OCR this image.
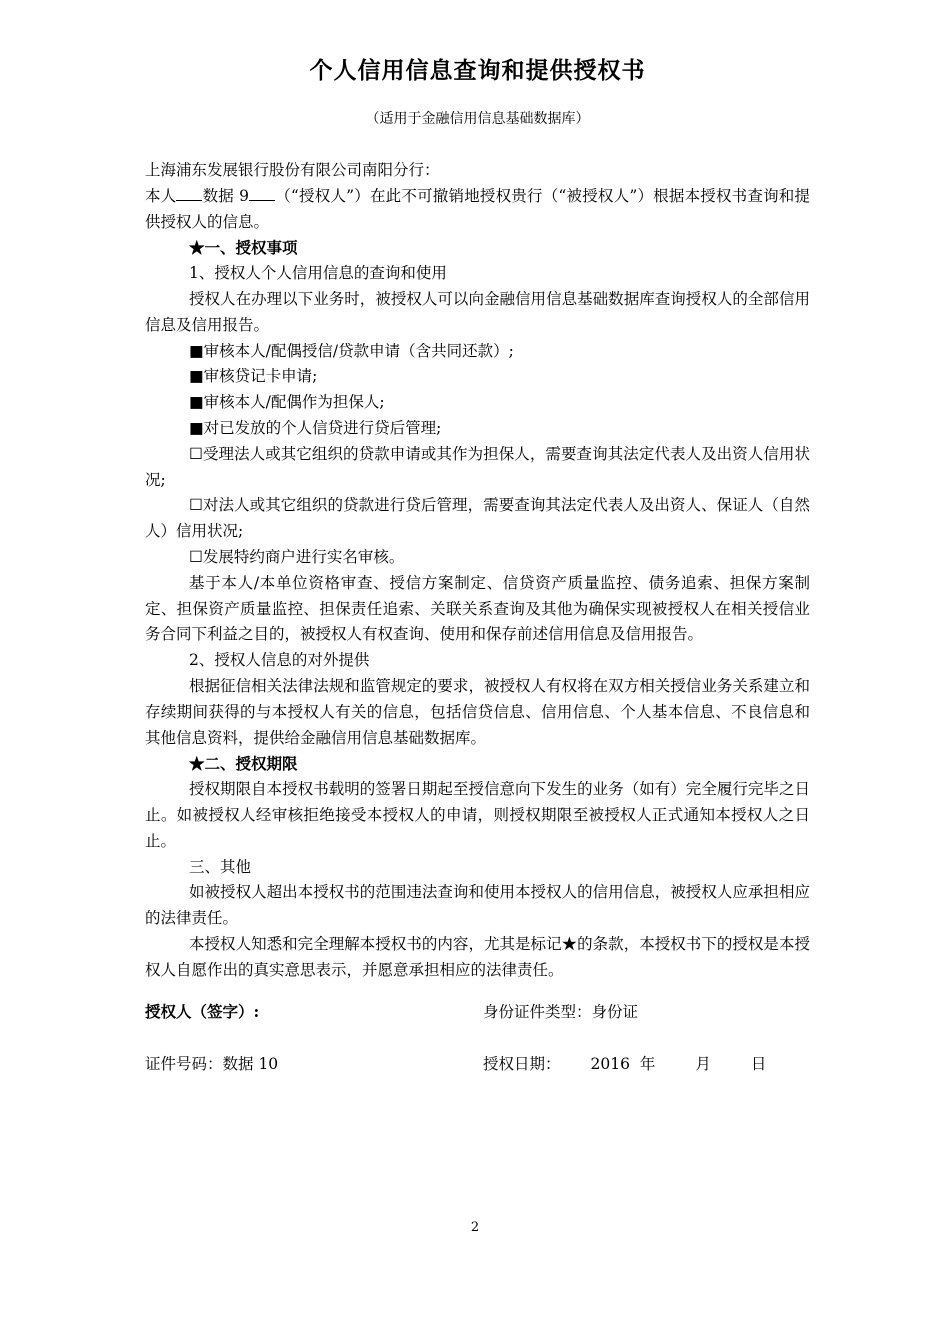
个人信用信息查询和提供授权书
（适用于金融信用信息基础数据库）

上海浦东发展银行股份有限公司南阳分行：

本人 数据 9 （“授权人”）在此不可撤销地授权贵行（“被授权人”）根据本授权书查询和提供授权人的信息。

★一、授权事项

1、授权人个人信用信息的查询和使用

授权人在办理以下业务时，被授权人可以向金融信用信息基础数据库查询授权人的全部信用信息及信用报告。

■审核本人/配偶授信/贷款申请（含共同还款）;

■审核贷记卡申请;

■审核本人/配偶作为担保人;

■对已发放的个人信贷进行贷后管理;

☐受理法人或其它组织的贷款申请或其作为担保人，需要查询其法定代表人及出资人信用状况;

☐对法人或其它组织的贷款进行贷后管理，需要查询其法定代表人及出资人、保证人（自然人）信用状况;

☐发展特约商户进行实名审核。

基于本人/本单位资格审查、授信方案制定、信贷资产质量监控、债务追索、担保方案制定、担保资产质量监控、担保责任追索、关联关系查询及其他为确保实现被授权人在相关授信业务合同下利益之目的，被授权人有权查询、使用和保存前述信用信息及信用报告。

2、授权人信息的对外提供

根据征信相关法律法规和监管规定的要求，被授权人有权将在双方相关授信业务关系建立和存续期间获得的与本授权人有关的信息，包括信贷信息、信用信息、个人基本信息、不良信息和其他信息资料，提供给金融信用信息基础数据库。

★二、授权期限

授权期限自本授权书载明的签署日期起至授信意向下发生的业务（如有）完全履行完毕之日止。如被授权人经审核拒绝接受本授权人的申请，则授权期限至被授权人正式通知本授权人之日止。

三、其他

如被授权人超出本授权书的范围违法查询和使用本授权人的信用信息，被授权人应承担相应的法律责任。

本授权人知悉和完全理解本授权书的内容，尤其是标记★的条款，本授权书下的授权是本授权人自愿作出的真实意思表示，并愿意承担相应的法律责任。

授权人（签字）:	身份证件类型：身份证
证件号码：数据 10	授权日期： 2016 年	月	日
2
